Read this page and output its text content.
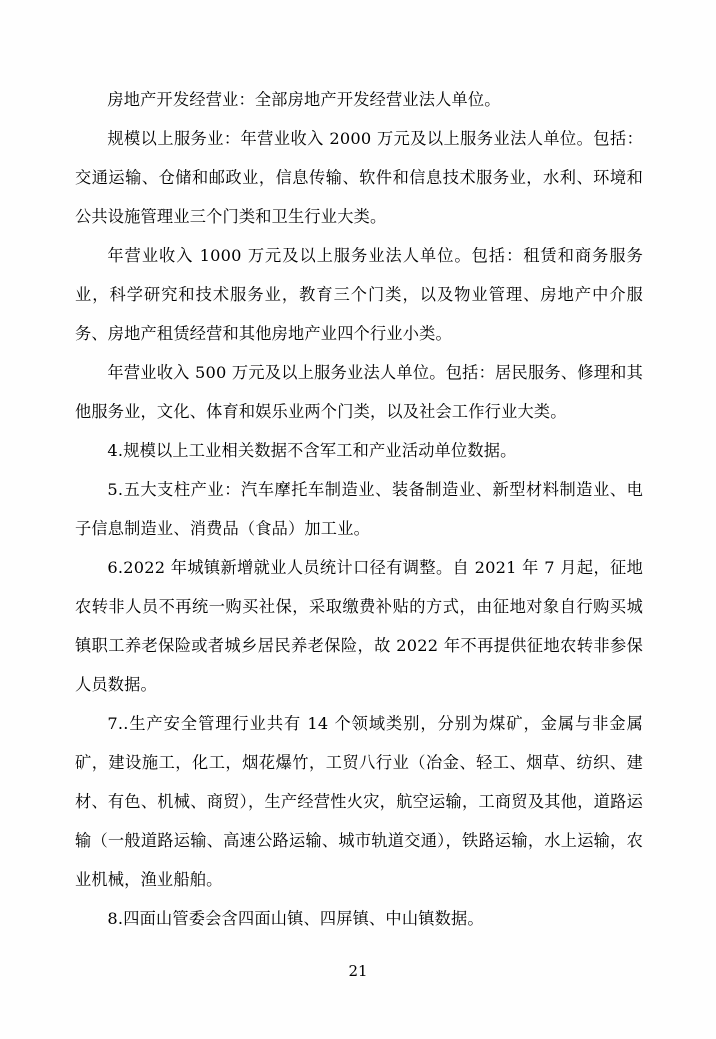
房地产开发经营业：全部房地产开发经营业法人单位。

规模以上服务业：年营业收入 2000 万元及以上服务业法人单位。包括：交通运输、仓储和邮政业，信息传输、软件和信息技术服务业，水利、环境和公共设施管理业三个门类和卫生行业大类。

年营业收入 1000 万元及以上服务业法人单位。包括：租赁和商务服务业，科学研究和技术服务业，教育三个门类，以及物业管理、房地产中介服务、房地产租赁经营和其他房地产业四个行业小类。

年营业收入 500 万元及以上服务业法人单位。包括：居民服务、修理和其他服务业，文化、体育和娱乐业两个门类，以及社会工作行业大类。

4.规模以上工业相关数据不含军工和产业活动单位数据。

5.五大支柱产业：汽车摩托车制造业、装备制造业、新型材料制造业、电子信息制造业、消费品（食品）加工业。

6.2022 年城镇新增就业人员统计口径有调整。自 2021 年 7 月起，征地农转非人员不再统一购买社保，采取缴费补贴的方式，由征地对象自行购买城镇职工养老保险或者城乡居民养老保险，故 2022 年不再提供征地农转非参保人员数据。

7..生产安全管理行业共有 14 个领域类别，分别为煤矿，金属与非金属矿，建设施工，化工，烟花爆竹，工贸八行业（冶金、轻工、烟草、纺织、建材、有色、机械、商贸），生产经营性火灾，航空运输，工商贸及其他，道路运输（一般道路运输、高速公路运输、城市轨道交通），铁路运输，水上运输，农业机械，渔业船舶。

8.四面山管委会含四面山镇、四屏镇、中山镇数据。

21
